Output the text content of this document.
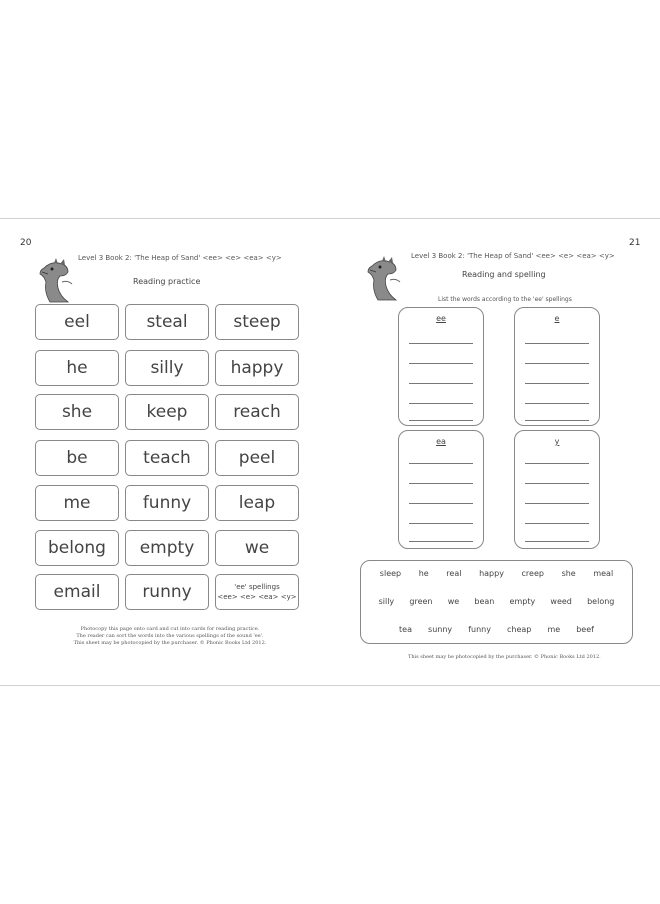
20
Level 3 Book 2: 'The Heap of Sand' <ee> <e> <ea> <y>
Reading practice
eel	steal	steep
he	silly	happy
she	keep	reach
be	teach	peel
me	funny	leap
belong	empty	we
email	runny	'ee' spellings
<ee> <e> <ea> <y>
Photocopy this page onto card and cut into cards for reading practice.
The reader can sort the words into the various spellings of the sound 'ee'.
This sheet may be photocopied by the purchaser. © Phonic Books Ltd 2012.
21
Level 3 Book 2: 'The Heap of Sand' <ee> <e> <ea> <y>
Reading and spelling
List the words according to the 'ee' spellings
ee	e
ea	y
sleep he real happy creep she meal
silly green we bean empty weed belong
tea sunny funny cheap me beef
This sheet may be photocopied by the purchaser. © Phonic Books Ltd 2012.
